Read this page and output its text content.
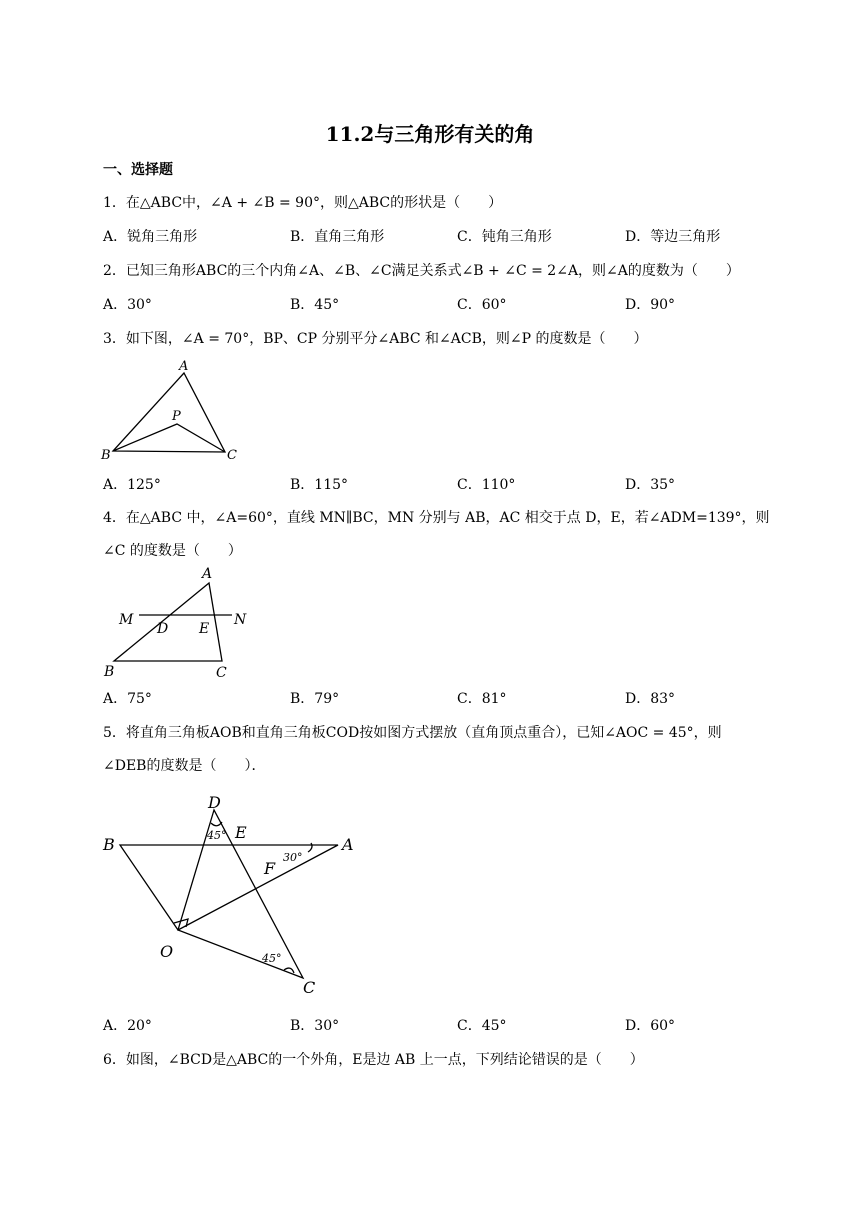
11.2与三角形有关的角
一、选择题
1．在△ABC中，∠A + ∠B = 90°，则△ABC的形状是（　　）
A．锐角三角形	B．直角三角形	C．钝角三角形	D．等边三角形
2．已知三角形ABC的三个内角∠A、∠B、∠C满足关系式∠B + ∠C = 2∠A，则∠A的度数为（　　）
A．30°	B．45°	C．60°	D．90°
3．如下图，∠A = 70°，BP、CP 分别平分∠ABC 和∠ACB，则∠P 的度数是（　　）
A
P
B	C
A．125°	B．115°	C．110°	D．35°
4．在△ABC 中，∠A=60°，直线 MN∥BC，MN 分别与 AB，AC 相交于点 D，E，若∠ADM=139°，则
∠C 的度数是（　　）
A
M
D E
N
B	C
A．75°	B．79°	C．81°	D．83°
5．将直角三角板AOB和直角三角板COD按如图方式摆放（直角顶点重合），已知∠AOC = 45°，则
∠DEB的度数是（　　）．
D
45° E
B	A
30°
F
O	45°
C
A．20°	B．30°	C．45°	D．60°
6．如图，∠BCD是△ABC的一个外角，E是边 AB 上一点，下列结论错误的是（　　）
